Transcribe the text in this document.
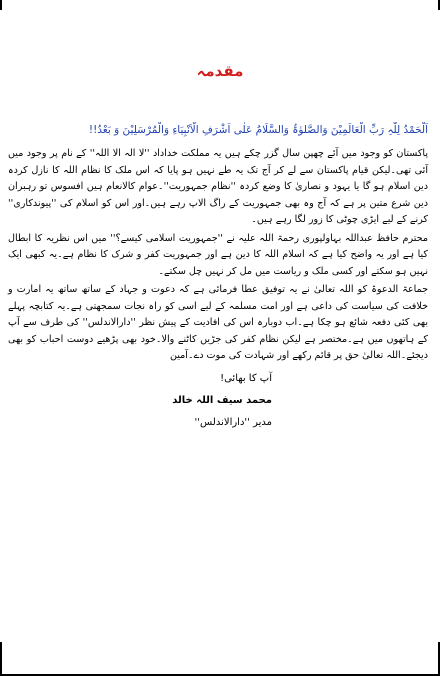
مقدمہ
اَلْحَمْدُ لِلّٰہِ رَبِّ الْعَالَمِیْنَ وَالصَّلوٰۃُ وَالسَّلَامُ عَلٰی اَشْرَفِ الْاَنْبِیَاءِ وَالْمُرْسَلِیْنَ وَ بَعْدُ!!

پاکستان کو وجود میں آئے چھپن سال گزر چکے ہیں یہ مملکت خداداد ''لا الہ الا اللہ'' کے نام پر وجود میں آئی تھی۔لیکن قیام پاکستان سے لے کر آج تک یہ طے نہیں ہو پایا کہ اس ملک کا نظام اللہ کا نازل کردہ دین اسلام ہو گا یا یہود و نصاریٰ کا وضع کردہ ''نظام جمہوریت''۔عوام کالانعام ہیں افسوس تو رہبران دین شرع متین پر ہے کہ آج وہ بھی جمہوریت کے راگ الاپ رہے ہیں۔اور اس کو اسلام کی ''پیوندکاری'' کرنے کے لیے ایڑی چوٹی کا زور لگا رہے ہیں۔

محترم حافظ عبداللہ بہاولپوری رحمۃ اللہ علیہ نے ''جمہوریت اسلامی کیسے؟'' میں اس نظریہ کا ابطال کیا ہے اور یہ واضح کیا ہے کہ اسلام اللہ کا دین ہے اور جمہوریت کفر و شرک کا نظام ہے۔یہ کبھی ایک نہیں ہو سکتے اور کسی ملک و ریاست میں مل کر نہیں چل سکتے۔

جماعۃ الدعوۃ کو اللہ تعالیٰ نے یہ توفیق عطا فرمائی ہے کہ دعوت و جہاد کے ساتھ ساتھ یہ امارت و خلافت کی سیاست کی داعی ہے اور امت مسلمہ کے لیے اسی کو راہ نجات سمجھتی ہے۔یہ کتابچہ پہلے بھی کئی دفعہ شائع ہو چکا ہے۔اب دوبارہ اس کی افادیت کے پیش نظر ''دارالاندلس'' کی طرف سے آپ کے ہاتھوں میں ہے۔مختصر ہے لیکن نظام کفر کی جڑیں کاٹنے والا۔خود بھی پڑھیے دوست احباب کو بھی دیجئے۔اللہ تعالیٰ حق پر قائم رکھے اور شہادت کی موت دے۔آمین

آپ کا بھائی!
محمد سیف اللہ خالد
مدیر ''دارالاندلس''
